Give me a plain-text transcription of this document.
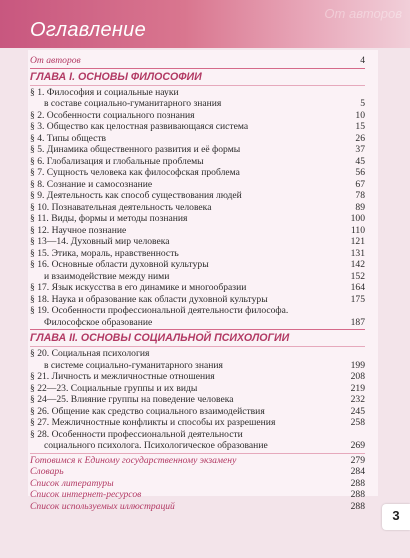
От авторов
Оглавление
От авторов	4
ГЛАВА I. ОСНОВЫ ФИЛОСОФИИ
§ 1. Философия и социальные науки
в составе социально-гуманитарного знания	5
§ 2. Особенности социального познания	10
§ 3. Общество как целостная развивающаяся система	15
§ 4. Типы обществ	26
§ 5. Динамика общественного развития и её формы	37
§ 6. Глобализация и глобальные проблемы	45
§ 7. Сущность человека как философская проблема	56
§ 8. Сознание и самосознание	67
§ 9. Деятельность как способ существования людей	78
§ 10. Познавательная деятельность человека	89
§ 11. Виды, формы и методы познания	100
§ 12. Научное познание	110
§ 13—14. Духовный мир человека	121
§ 15. Этика, мораль, нравственность	131
§ 16. Основные области духовной культуры	142
и взаимодействие между ними	152
§ 17. Язык искусства в его динамике и многообразии	164
§ 18. Наука и образование как области духовной культуры	175
§ 19. Особенности профессиональной деятельности философа.
Философское образование	187
ГЛАВА II. ОСНОВЫ СОЦИАЛЬНОЙ ПСИХОЛОГИИ
§ 20. Социальная психология
в системе социально-гуманитарного знания	199
§ 21. Личность и межличностные отношения	208
§ 22—23. Социальные группы и их виды	219
§ 24—25. Влияние группы на поведение человека	232
§ 26. Общение как средство социального взаимодействия	245
§ 27. Межличностные конфликты и способы их разрешения	258
§ 28. Особенности профессиональной деятельности
социального психолога. Психологическое образование	269
Готовимся к Единому государственному экзамену	279
Словарь	284
Список литературы	288
Список интернет-ресурсов	288
Список используемых иллюстраций	288
3
